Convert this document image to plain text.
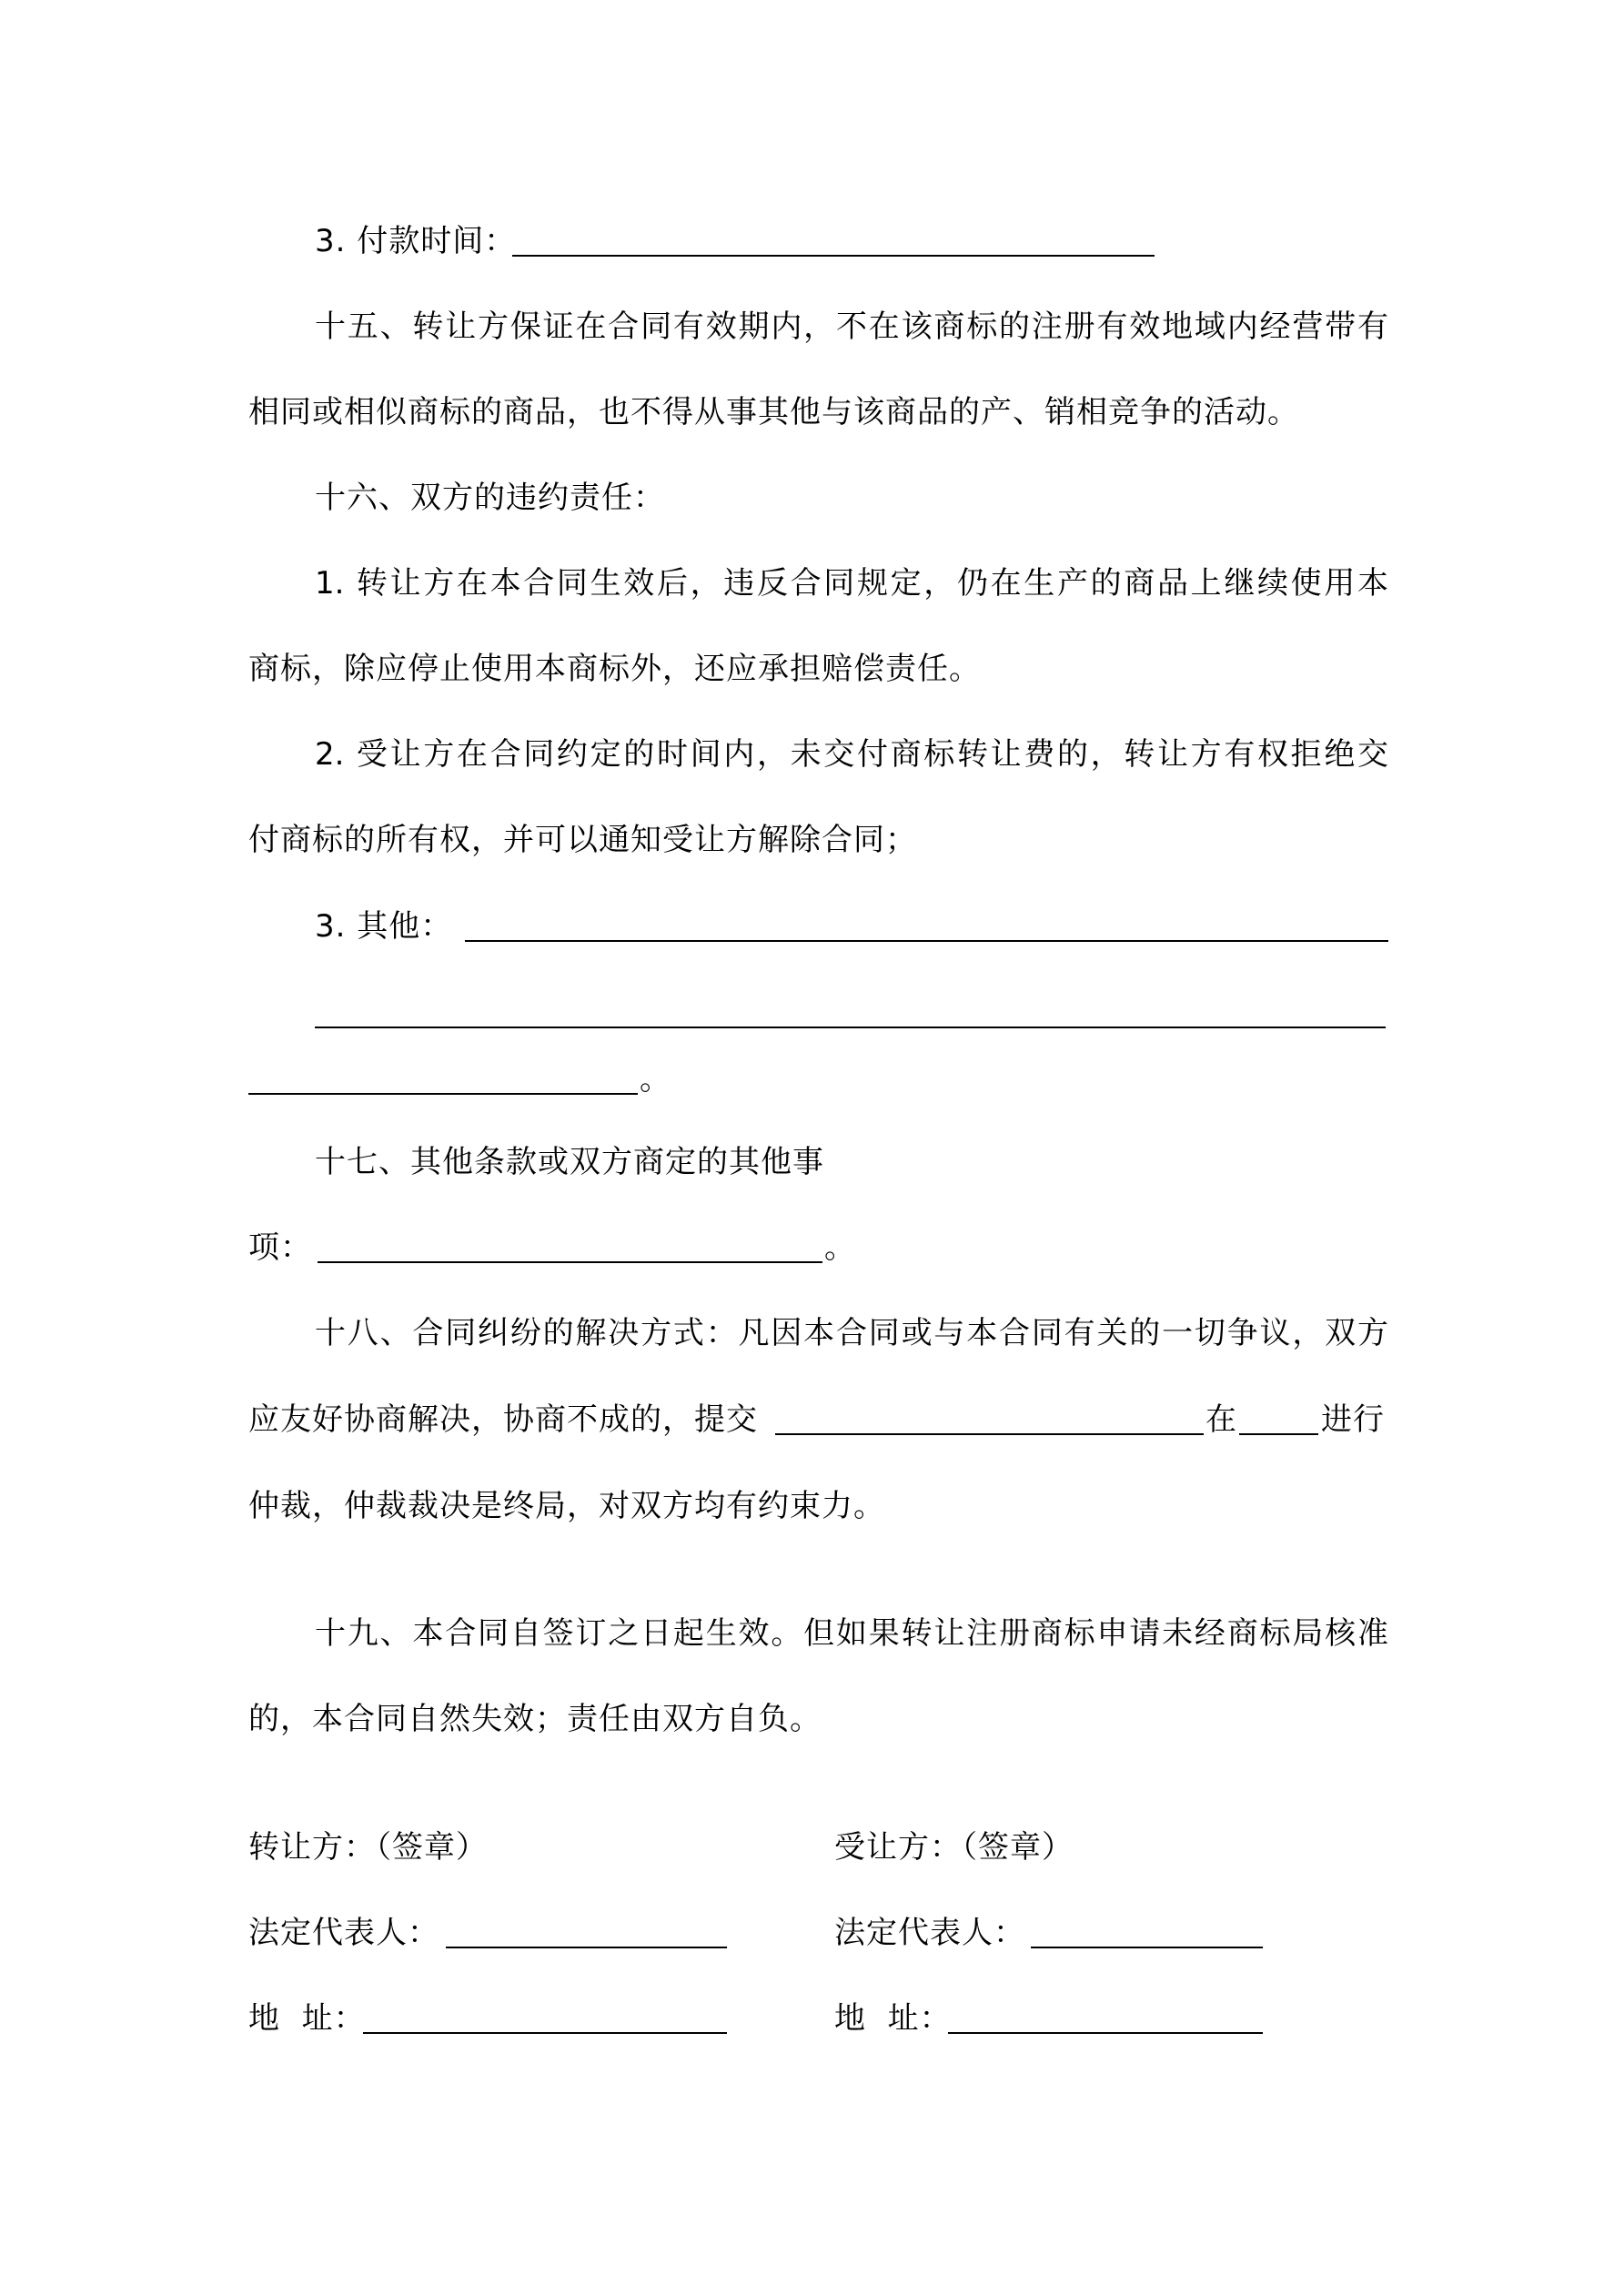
3. 付款时间：
十五、转让方保证在合同有效期内，不在该商标的注册有效地域内经营带有
相同或相似商标的商品，也不得从事其他与该商品的产、销相竞争的活动。
十六、双方的违约责任：
1. 转让方在本合同生效后，违反合同规定，仍在生产的商品上继续使用本
商标，除应停止使用本商标外，还应承担赔偿责任。
2. 受让方在合同约定的时间内，未交付商标转让费的，转让方有权拒绝交
付商标的所有权，并可以通知受让方解除合同；
3. 其他：
。
十七、其他条款或双方商定的其他事
项：	。
十八、合同纠纷的解决方式：凡因本合同或与本合同有关的一切争议，双方
应友好协商解决，协商不成的，提交	在	进行
仲裁，仲裁裁决是终局，对双方均有约束力。
十九、本合同自签订之日起生效。但如果转让注册商标申请未经商标局核准
的，本合同自然失效；责任由双方自负。
转让方：（签章）	受让方：（签章）
法定代表人：	法定代表人：
地  址：	地  址：
